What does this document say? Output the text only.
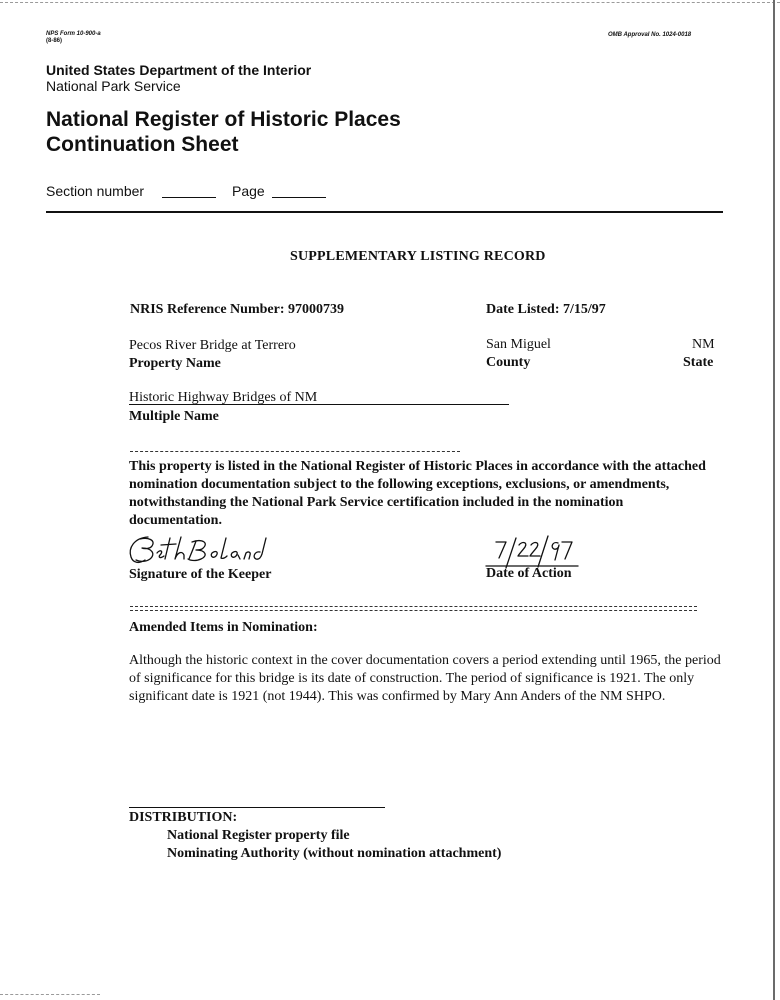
NPS Form 10-900-a
(8-86)
OMB Approval No. 1024-0018
United States Department of the Interior
National Park Service
National Register of Historic Places
Continuation Sheet
Section number	Page
SUPPLEMENTARY LISTING RECORD
NRIS Reference Number: 97000739	Date Listed: 7/15/97
Pecos River Bridge at Terrero
Property Name
San Miguel
County
NM
State
Historic Highway Bridges of NM
Multiple Name
This property is listed in the National Register of Historic Places in accordance with the attached nomination documentation subject to the following exceptions, exclusions, or amendments, notwithstanding the National Park Service certification included in the nomination documentation.
Signature of the Keeper	Date of Action
Amended Items in Nomination:
Although the historic context in the cover documentation covers a period extending until 1965, the period of significance for this bridge is its date of construction. The period of significance is 1921. The only significant date is 1921 (not 1944). This was confirmed by Mary Ann Anders of the NM SHPO.
DISTRIBUTION:
National Register property file
Nominating Authority (without nomination attachment)
